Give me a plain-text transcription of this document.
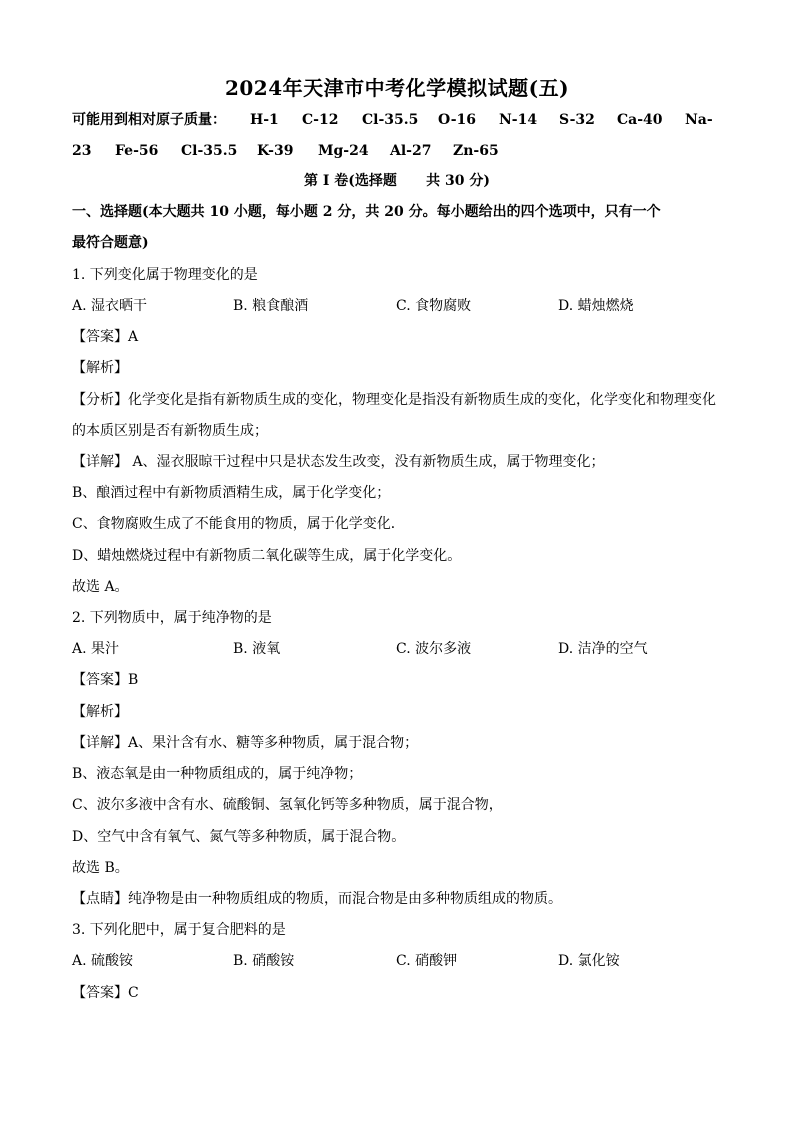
2024年天津市中考化学模拟试题(五)
可能用到相对原子质量： H-1 C-12 Cl-35.5 O-16 N-14 S-32 Ca-40 Na-
23 Fe-56 Cl-35.5 K-39 Mg-24 Al-27 Zn-65
第 I 卷(选择题      共 30 分)
一、选择题(本大题共 10 小题，每小题 2 分，共 20 分。每小题给出的四个选项中，只有一个
最符合题意)
1. 下列变化属于物理变化的是
A. 湿衣晒干	B. 粮食酿酒	C. 食物腐败	D. 蜡烛燃烧
【答案】A
【解析】
【分析】化学变化是指有新物质生成的变化，物理变化是指没有新物质生成的变化，化学变化和物理变化
的本质区别是否有新物质生成；
【详解】 A、湿衣服晾干过程中只是状态发生改变，没有新物质生成，属于物理变化；
B、酿酒过程中有新物质酒精生成，属于化学变化；
C、食物腐败生成了不能食用的物质，属于化学变化．
D、蜡烛燃烧过程中有新物质二氧化碳等生成，属于化学变化。
故选 A。
2. 下列物质中，属于纯净物的是
A. 果汁	B. 液氧	C. 波尔多液	D. 洁净的空气
【答案】B
【解析】
【详解】A、果汁含有水、糖等多种物质，属于混合物；
B、液态氧是由一种物质组成的，属于纯净物；
C、波尔多液中含有水、硫酸铜、氢氧化钙等多种物质，属于混合物，
D、空气中含有氧气、氮气等多种物质，属于混合物。
故选 B。
【点睛】纯净物是由一种物质组成的物质，而混合物是由多种物质组成的物质。
3. 下列化肥中，属于复合肥料的是
A. 硫酸铵	B. 硝酸铵	C. 硝酸钾	D. 氯化铵
【答案】C
